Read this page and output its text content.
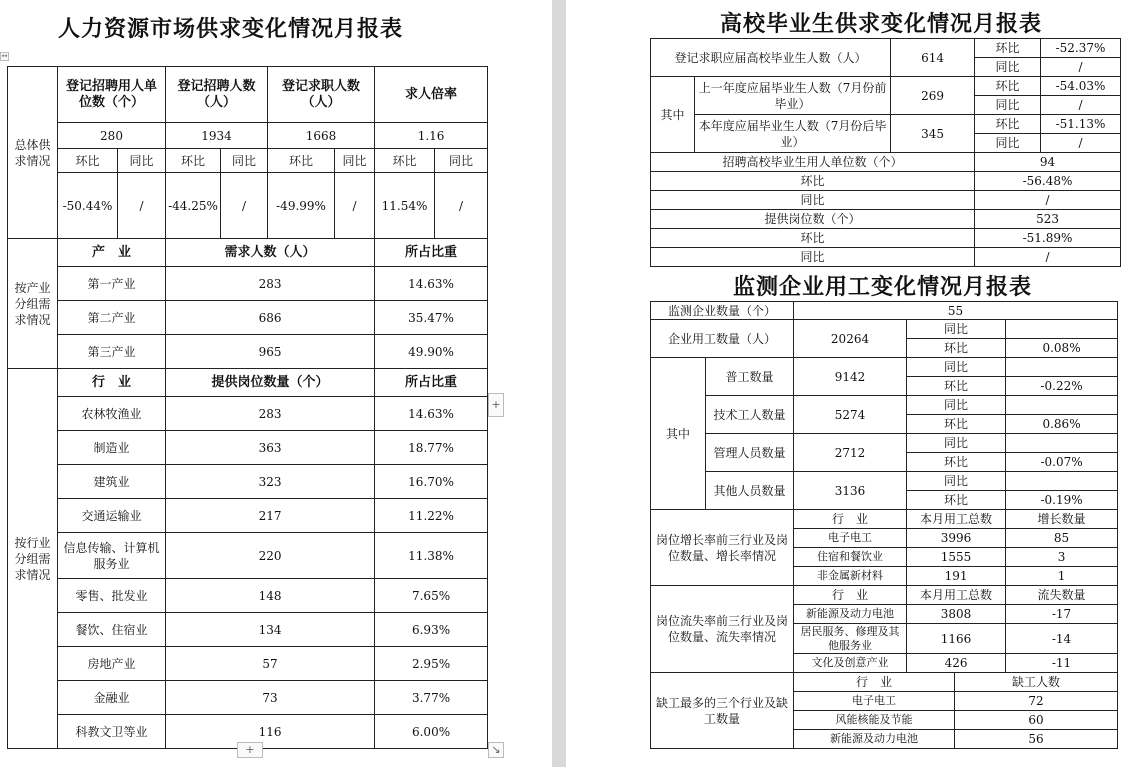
人力资源市场供求变化情况月报表
总体供求情况	登记招聘用人单位数（个）		登记招聘人数（人）		登记求职人数（人）		求人倍率	
	280		1934		1668		1.16	
	环比	同比	环比	同比	环比	同比	环比	同比
	-50.44%	/	-44.25%	/	-49.99%	/	11.54%	/
按产业分组需求情况	产　业		需求人数（人）				所占比重	
	第一产业		283				14.63%	
	第二产业		686				35.47%	
	第三产业		965				49.90%	
按行业分组需求情况	行　业		提供岗位数量（个）				所占比重	
	农林牧渔业		283				14.63%	
	制造业		363				18.77%	
	建筑业		323				16.70%	
	交通运输业		217				11.22%	
	信息传输、计算机服务业		220				11.38%	
	零售、批发业		148				7.65%	
	餐饮、住宿业		134				6.93%	
	房地产业		57				2.95%	
	金融业		73				3.77%	
	科教文卫等业		116				6.00%	
+
+
↘
↔
高校毕业生供求变化情况月报表
登记求职应届高校毕业生人数（人）		614	环比	-52.37%
			同比	/
其中	上一年度应届毕业生人数（7月份前毕业）	269	环比	-54.03%
			同比	/
	本年度应届毕业生人数（7月份后毕业）	345	环比	-51.13%
			同比	/
招聘高校毕业生用人单位数（个）			94	
环比			-56.48%	
同比			/	
提供岗位数（个）			523	
环比			-51.89%	
同比			/	
监测企业用工变化情况月报表
监测企业数量（个）		55			
企业用工数量（人）		20264	同比		
			环比		0.08%
其中	普工数量	9142	同比		
			环比		-0.22%
	技术工人数量	5274	同比		
			环比		0.86%
	管理人员数量	2712	同比		
			环比		-0.07%
	其他人员数量	3136	同比		
			环比		-0.19%
岗位增长率前三行业及岗位数量、增长率情况		行　业	本月用工总数		增长数量
		电子电工	3996		85
		住宿和餐饮业	1555		3
		非金属新材料	191		1
岗位流失率前三行业及岗位数量、流失率情况		行　业	本月用工总数		流失数量
		新能源及动力电池	3808		-17
		居民服务、修理及其他服务业	1166		-14
		文化及创意产业	426		-11
缺工最多的三个行业及缺工数量		行　业		缺工人数	
		电子电工		72	
		风能核能及节能		60	
		新能源及动力电池		56	
